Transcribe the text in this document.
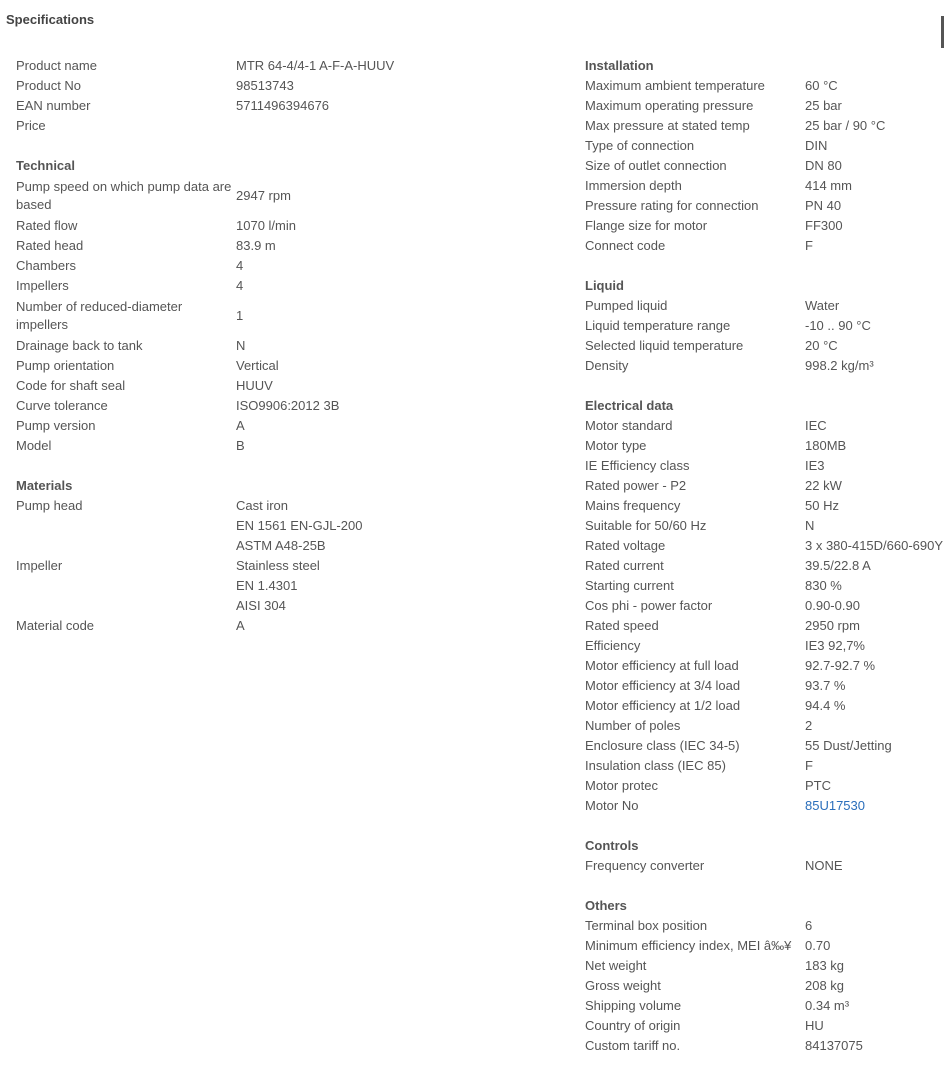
Specifications
Product name	MTR 64-4/4-1 A-F-A-HUUV

Product No	98513743

EAN number	5711496394676

Price	
Technical
Pump speed on which pump data are based	2947 rpm

Rated flow	1070 l/min

Rated head	83.9 m

Chambers	4

Impellers	4

Number of reduced-diameter impellers	1

Drainage back to tank	N

Pump orientation	Vertical

Code for shaft seal	HUUV

Curve tolerance	ISO9906:2012 3B

Pump version	A

Model	B
Materials
Pump head	Cast iron
EN 1561 EN-GJL-200
ASTM A48-25B

Impeller	Stainless steel
EN 1.4301
AISI 304

Material code	A
Installation
Maximum ambient temperature	60 °C

Maximum operating pressure	25 bar

Max pressure at stated temp	25 bar / 90 °C

Type of connection	DIN

Size of outlet connection	DN 80

Immersion depth	414 mm

Pressure rating for connection	PN 40

Flange size for motor	FF300

Connect code	F
Liquid
Pumped liquid	Water

Liquid temperature range	-10 .. 90 °C

Selected liquid temperature	20 °C

Density	998.2 kg/m³
Electrical data
Motor standard	IEC

Motor type	180MB

IE Efficiency class	IE3

Rated power - P2	22 kW

Mains frequency	50 Hz

Suitable for 50/60 Hz	N

Rated voltage	3 x 380-415D/660-690Y

Rated current	39.5/22.8 A

Starting current	830 %

Cos phi - power factor	0.90-0.90

Rated speed	2950 rpm

Efficiency	IE3 92,7%

Motor efficiency at full load	92.7-92.7 %

Motor efficiency at 3/4 load	93.7 %

Motor efficiency at 1/2 load	94.4 %

Number of poles	2

Enclosure class (IEC 34-5)	55 Dust/Jetting

Insulation class (IEC 85)	F

Motor protec	PTC

Motor No	85U17530
Controls
Frequency converter	NONE
Others
Terminal box position	6

Minimum efficiency index, MEI â‰¥	0.70

Net weight	183 kg

Gross weight	208 kg

Shipping volume	0.34 m³

Country of origin	HU

Custom tariff no.	84137075
